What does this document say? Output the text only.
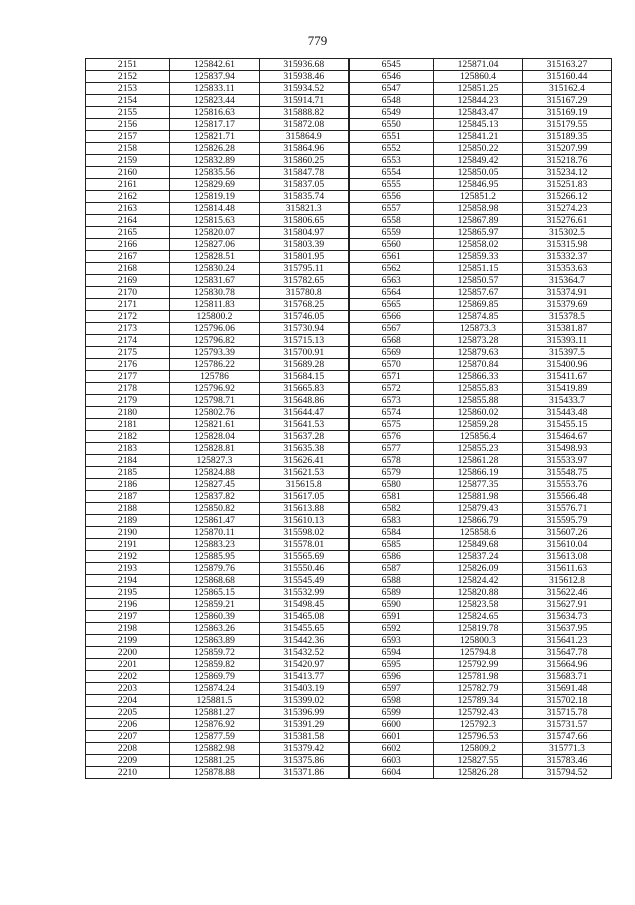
779
2151	125842.61	315936.68	6545	125871.04	315163.27
2152	125837.94	315938.46	6546	125860.4	315160.44
2153	125833.11	315934.52	6547	125851.25	315162.4
2154	125823.44	315914.71	6548	125844.23	315167.29
2155	125816.63	315888.82	6549	125843.47	315169.19
2156	125817.17	315872.08	6550	125845.13	315179.55
2157	125821.71	315864.9	6551	125841.21	315189.35
2158	125826.28	315864.96	6552	125850.22	315207.99
2159	125832.89	315860.25	6553	125849.42	315218.76
2160	125835.56	315847.78	6554	125850.05	315234.12
2161	125829.69	315837.05	6555	125846.95	315251.83
2162	125819.19	315835.74	6556	125851.2	315266.12
2163	125814.48	315821.3	6557	125858.98	315274.23
2164	125815.63	315806.65	6558	125867.89	315276.61
2165	125820.07	315804.97	6559	125865.97	315302.5
2166	125827.06	315803.39	6560	125858.02	315315.98
2167	125828.51	315801.95	6561	125859.33	315332.37
2168	125830.24	315795.11	6562	125851.15	315353.63
2169	125831.67	315782.65	6563	125850.57	315364.7
2170	125830.78	315780.8	6564	125857.67	315374.91
2171	125811.83	315768.25	6565	125869.85	315379.69
2172	125800.2	315746.05	6566	125874.85	315378.5
2173	125796.06	315730.94	6567	125873.3	315381.87
2174	125796.82	315715.13	6568	125873.28	315393.11
2175	125793.39	315700.91	6569	125879.63	315397.5
2176	125786.22	315689.28	6570	125870.84	315400.96
2177	125786	315684.15	6571	125866.33	315411.67
2178	125796.92	315665.83	6572	125855.83	315419.89
2179	125798.71	315648.86	6573	125855.88	315433.7
2180	125802.76	315644.47	6574	125860.02	315443.48
2181	125821.61	315641.53	6575	125859.28	315455.15
2182	125828.04	315637.28	6576	125856.4	315464.67
2183	125828.81	315635.38	6577	125855.23	315498.93
2184	125827.3	315626.41	6578	125861.28	315533.97
2185	125824.88	315621.53	6579	125866.19	315548.75
2186	125827.45	315615.8	6580	125877.35	315553.76
2187	125837.82	315617.05	6581	125881.98	315566.48
2188	125850.82	315613.88	6582	125879.43	315576.71
2189	125861.47	315610.13	6583	125866.79	315595.79
2190	125870.11	315598.02	6584	125858.6	315607.26
2191	125883.23	315578.01	6585	125849.68	315610.04
2192	125885.95	315565.69	6586	125837.24	315613.08
2193	125879.76	315550.46	6587	125826.09	315611.63
2194	125868.68	315545.49	6588	125824.42	315612.8
2195	125865.15	315532.99	6589	125820.88	315622.46
2196	125859.21	315498.45	6590	125823.58	315627.91
2197	125860.39	315465.08	6591	125824.65	315634.73
2198	125863.26	315455.65	6592	125819.78	315637.95
2199	125863.89	315442.36	6593	125800.3	315641.23
2200	125859.72	315432.52	6594	125794.8	315647.78
2201	125859.82	315420.97	6595	125792.99	315664.96
2202	125869.79	315413.77	6596	125781.98	315683.71
2203	125874.24	315403.19	6597	125782.79	315691.48
2204	125881.5	315399.02	6598	125789.34	315702.18
2205	125881.27	315396.99	6599	125792.43	315715.78
2206	125876.92	315391.29	6600	125792.3	315731.57
2207	125877.59	315381.58	6601	125796.53	315747.66
2208	125882.98	315379.42	6602	125809.2	315771.3
2209	125881.25	315375.86	6603	125827.55	315783.46
2210	125878.88	315371.86	6604	125826.28	315794.52
